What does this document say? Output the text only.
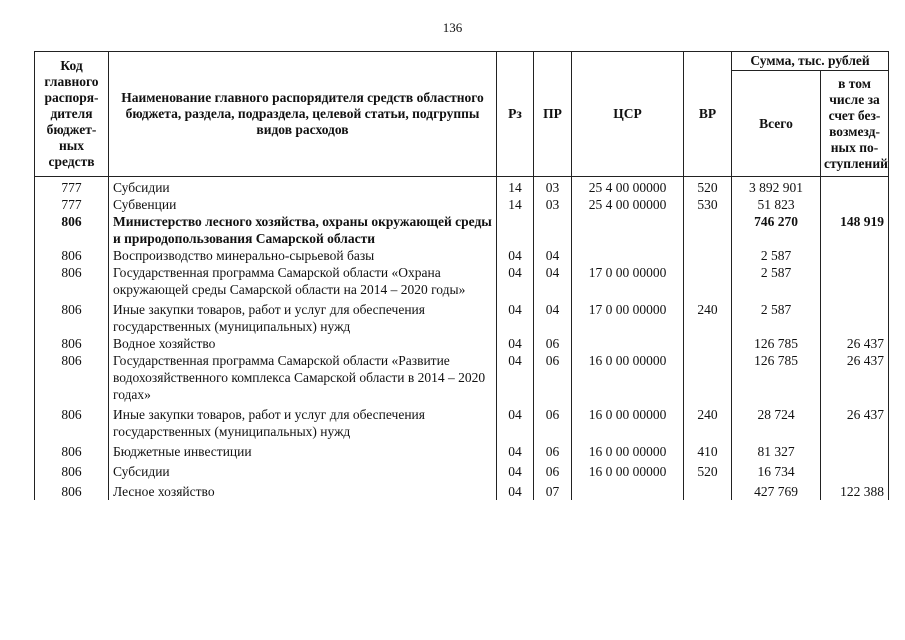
136
Код главного распоря-дителя бюджет-ных средств	Наименование главного распорядителя средств областного бюджета, раздела, подраздела, целевой статьи, подгруппы видов расходов	Рз	ПР	ЦСР	ВР	Сумма, тыс. рублей	
						Всего	в том числе за счет без-возмезд-ных по-ступлений
777	Субсидии	14	03	25 4 00 00000	520	3 892 901	
777	Субвенции	14	03	25 4 00 00000	530	51 823	
806	Министерство лесного хозяйства, охраны окружающей среды и природопользования Самарской области					746 270	148 919
806	Воспроизводство минерально-сырьевой базы	04	04			2 587	
806	Государственная программа Самарской области «Охрана окружающей среды Самарской области на 2014 – 2020 годы»	04	04	17 0 00 00000		2 587	
806	Иные закупки товаров, работ и услуг для обеспечения государственных (муниципальных) нужд	04	04	17 0 00 00000	240	2 587	
806	Водное хозяйство	04	06			126 785	26 437
806	Государственная программа Самарской области «Развитие водохозяйственного комплекса Самарской области в 2014 – 2020 годах»	04	06	16 0 00 00000		126 785	26 437
806	Иные закупки товаров, работ и услуг для обеспечения государственных (муниципальных) нужд	04	06	16 0 00 00000	240	28 724	26 437
806	Бюджетные инвестиции	04	06	16 0 00 00000	410	81 327	
806	Субсидии	04	06	16 0 00 00000	520	16 734	
806	Лесное хозяйство	04	07			427 769	122 388
